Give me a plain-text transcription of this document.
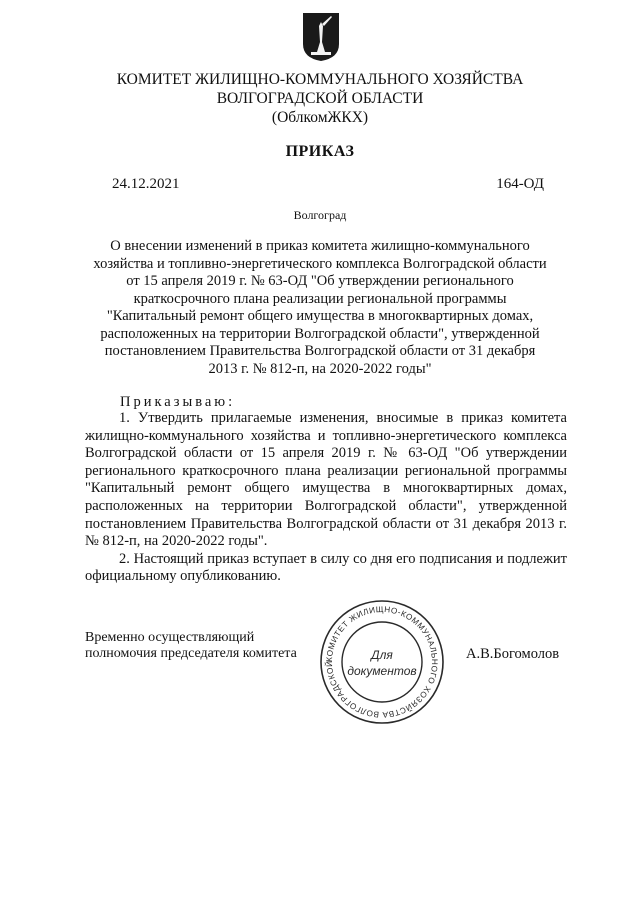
КОМИТЕТ ЖИЛИЩНО-КОММУНАЛЬНОГО ХОЗЯЙСТВА
ВОЛГОГРАДСКОЙ ОБЛАСТИ
(ОблкомЖКХ)
ПРИКАЗ
24.12.2021	164-ОД
Волгоград
О внесении изменений в приказ комитета жилищно-коммунального хозяйства и топливно-энергетического комплекса Волгоградской области от 15 апреля 2019 г. № 63-ОД "Об утверждении регионального краткосрочного плана реализации региональной программы "Капитальный ремонт общего имущества в многоквартирных домах, расположенных на территории Волгоградской области", утвержденной постановлением Правительства Волгоградской области от 31 декабря 2013 г. № 812-п, на 2020-2022 годы"
Приказываю:

1. Утвердить прилагаемые изменения, вносимые в приказ комитета жилищно-коммунального хозяйства и топливно-энергетического комплекса Волгоградской области от 15 апреля 2019 г. № 63-ОД "Об утверждении регионального краткосрочного плана реализации региональной программы "Капитальный ремонт общего имущества в многоквартирных домах, расположенных на территории Волгоградской области", утвержденной постановлением Правительства Волгоградской области от 31 декабря 2013 г. № 812-п, на 2020-2022 годы".

2. Настоящий приказ вступает в силу со дня его подписания и подлежит официальному опубликованию.

Временно осуществляющий
полномочия председателя комитета	КОМИТЕТ ЖИЛИЩНО-КОММУНАЛЬНОГО ХОЗЯЙСТВА ВОЛГОГРАДСКОЙ
Для
документов
А.В.Богомолов
